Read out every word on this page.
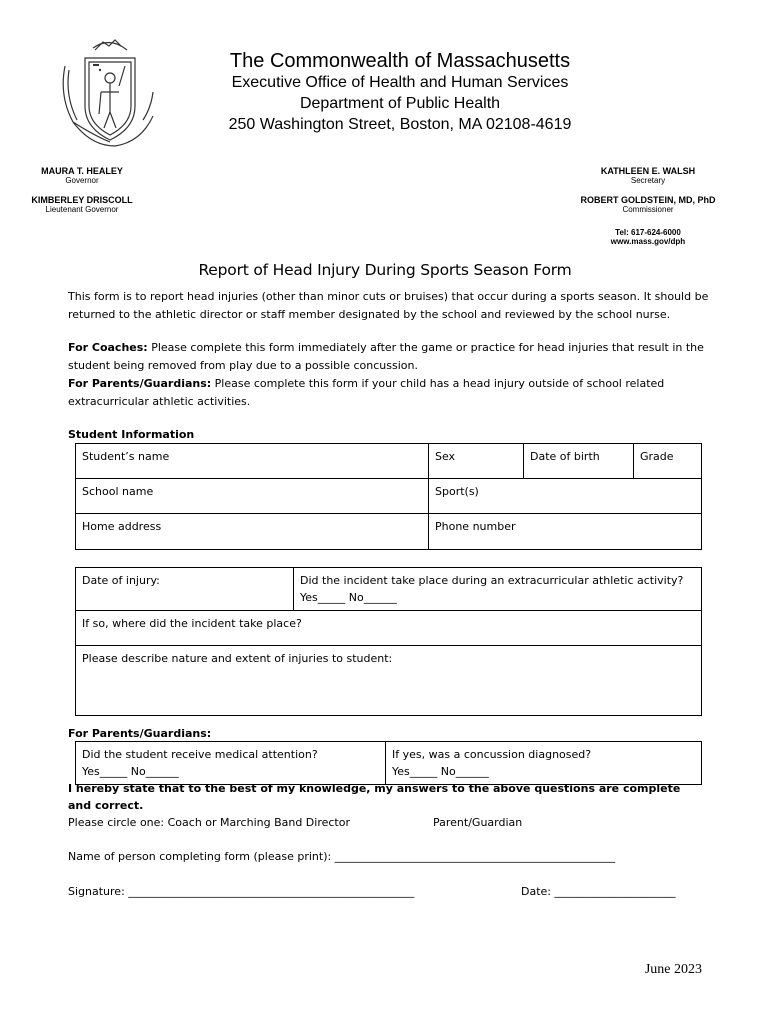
The Commonwealth of Massachusetts
Executive Office of Health and Human Services
Department of Public Health
250 Washington Street, Boston, MA 02108-4619
MAURA T. HEALEY
Governor
KIMBERLEY DRISCOLL
Lieutenant Governor
KATHLEEN E. WALSH
Secretary
ROBERT GOLDSTEIN, MD, PhD
Commissioner
Tel: 617-624-6000
www.mass.gov/dph
Report of Head Injury During Sports Season Form
This form is to report head injuries (other than minor cuts or bruises) that occur during a sports season. It should be returned to the athletic director or staff member designated by the school and reviewed by the school nurse.
For Coaches: Please complete this form immediately after the game or practice for head injuries that result in the student being removed from play due to a possible concussion.
For Parents/Guardians: Please complete this form if your child has a head injury outside of school related extracurricular athletic activities.
Student Information
Student’s name	Sex	Date of birth	Grade
School name	Sport(s)		
Home address	Phone number		
Date of injury:	Did the incident take place during an extracurricular athletic activity?
Yes_____ No______

If so, where did the incident take place?
Please describe nature and extent of injuries to student:
For Parents/Guardians:
Did the student receive medical attention?
Yes_____ No______

If yes, was a concussion diagnosed?
Yes_____ No______
I hereby state that to the best of my knowledge, my answers to the above questions are complete and correct.
Please circle one: Coach or Marching Band Director	Parent/Guardian
Name of person completing form (please print): ___________________________________________________
Signature: ____________________________________________________	Date: ______________________
June 2023
